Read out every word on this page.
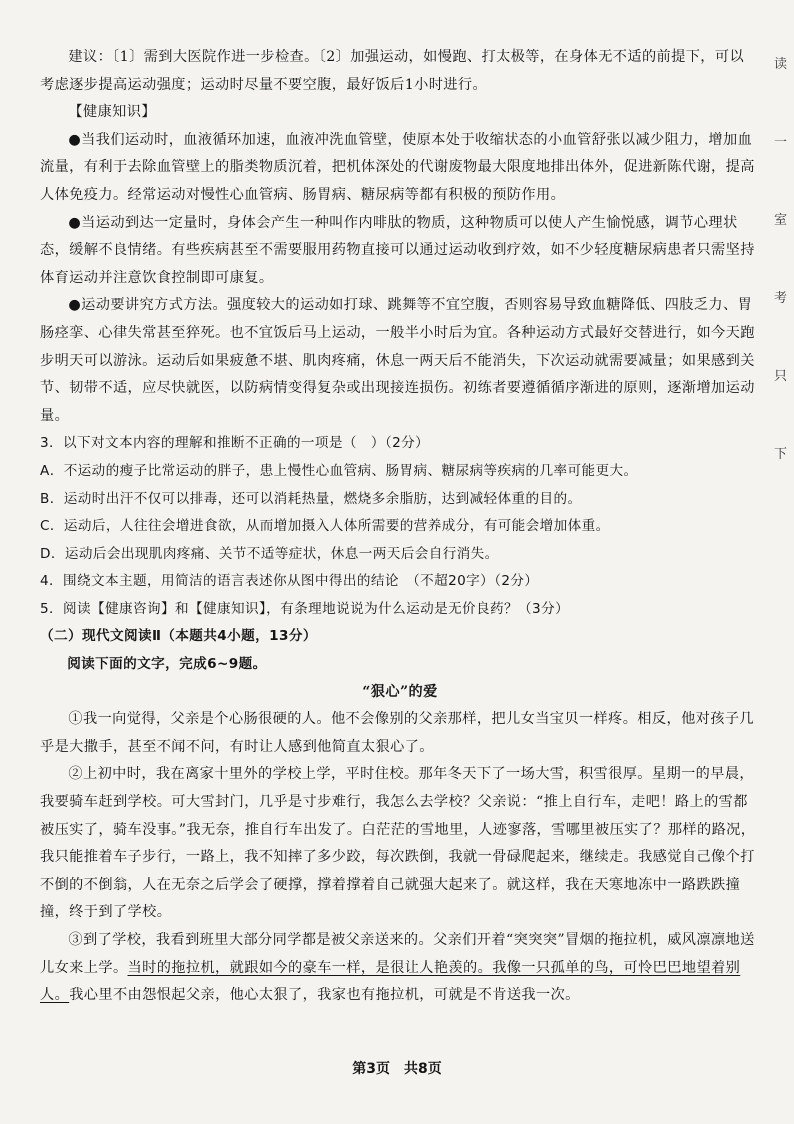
建议：〔1〕需到大医院作进一步检查。〔2〕加强运动，如慢跑、打太极等，在身体无不适的前提下，可以
考虑逐步提高运动强度；运动时尽量不要空腹，最好饭后1小时进行。

【健康知识】

●当我们运动时，血液循环加速，血液冲洗血管壁，使原本处于收缩状态的小血管舒张以减少阻力，增加血流量，有利于去除血管壁上的脂类物质沉着，把机体深处的代谢废物最大限度地排出体外，促进新陈代谢，提高人体免疫力。经常运动对慢性心血管病、肠胃病、糖尿病等都有积极的预防作用。

●当运动到达一定量时，身体会产生一种叫作内啡肽的物质，这种物质可以使人产生愉悦感，调节心理状态，缓解不良情绪。有些疾病甚至不需要服用药物直接可以通过运动收到疗效，如不少轻度糖尿病患者只需坚持体育运动并注意饮食控制即可康复。

●运动要讲究方式方法。强度较大的运动如打球、跳舞等不宜空腹，否则容易导致血糖降低、四肢乏力、胃肠痉挛、心律失常甚至猝死。也不宜饭后马上运动，一般半小时后为宜。各种运动方式最好交替进行，如今天跑步明天可以游泳。运动后如果疲惫不堪、肌肉疼痛，休息一两天后不能消失，下次运动就需要减量；如果感到关节、韧带不适，应尽快就医，以防病情变得复杂或出现接连损伤。初练者要遵循循序渐进的原则，逐渐增加运动量。

3．以下对文本内容的理解和推断不正确的一项是（　）（2分）

A．不运动的瘦子比常运动的胖子，患上慢性心血管病、肠胃病、糖尿病等疾病的几率可能更大。

B．运动时出汗不仅可以排毒，还可以消耗热量，燃烧多余脂肪，达到减轻体重的目的。

C．运动后，人往往会增进食欲，从而增加摄入人体所需要的营养成分，有可能会增加体重。

D．运动后会出现肌肉疼痛、关节不适等症状，休息一两天后会自行消失。

4．围绕文本主题，用简洁的语言表述你从图中得出的结论　（不超20字）（2分）

5．阅读【健康咨询】和【健康知识】，有条理地说说为什么运动是无价良药？（3分）

（二）现代文阅读Ⅱ（本题共4小题，13分）

阅读下面的文字，完成6~9题。

“狠心”的爱

①我一向觉得，父亲是个心肠很硬的人。他不会像别的父亲那样，把儿女当宝贝一样疼。相反，他对孩子几乎是大撒手，甚至不闻不问，有时让人感到他简直太狠心了。

②上初中时，我在离家十里外的学校上学，平时住校。那年冬天下了一场大雪，积雪很厚。星期一的早晨，我要骑车赶到学校。可大雪封门，几乎是寸步难行，我怎么去学校？父亲说：“推上自行车，走吧！路上的雪都被压实了，骑车没事。”我无奈，推自行车出发了。白茫茫的雪地里，人迹寥落，雪哪里被压实了？那样的路况，我只能推着车子步行，一路上，我不知摔了多少跤，每次跌倒，我就一骨碌爬起来，继续走。我感觉自己像个打不倒的不倒翁，人在无奈之后学会了硬撑，撑着撑着自己就强大起来了。就这样，我在天寒地冻中一路跌跌撞撞，终于到了学校。

③到了学校，我看到班里大部分同学都是被父亲送来的。父亲们开着“突突突”冒烟的拖拉机，威风凛凛地送儿女来上学。当时的拖拉机，就跟如今的豪车一样，是很让人艳羡的。我像一只孤单的鸟，可怜巴巴地望着别人。我心里不由怨恨起父亲，他心太狠了，我家也有拖拉机，可就是不肯送我一次。

读
一
室
考
只
下
第3页　共8页
